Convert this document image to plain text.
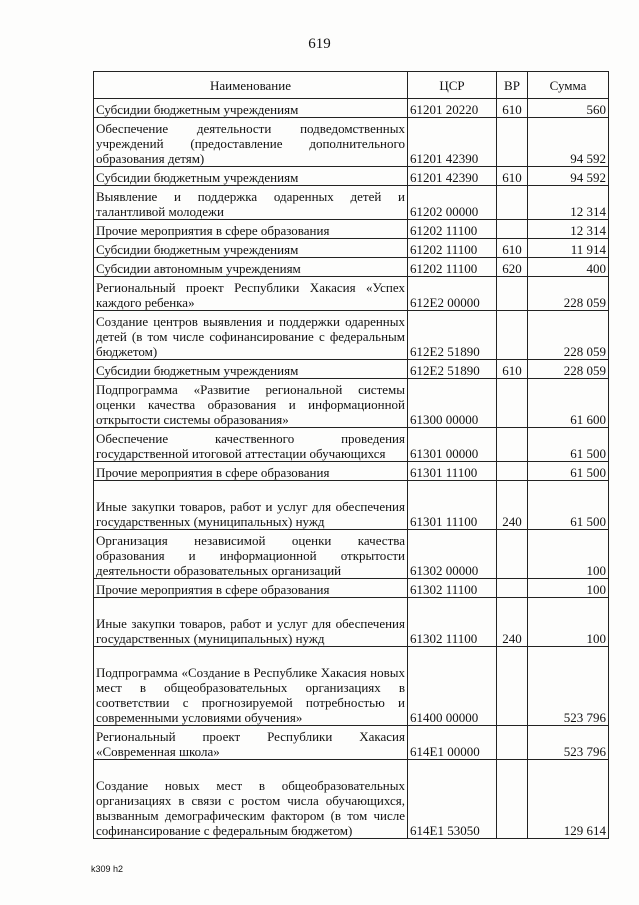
619
Наименование	ЦСР	ВР	Сумма
Субсидии бюджетным учреждениям	61201 20220	610	560
Обеспечение деятельности подведомственных учреждений (предоставление дополнительного образования детям)	61201 42390		94 592
Субсидии бюджетным учреждениям	61201 42390	610	94 592
Выявление и поддержка одаренных детей и талантливой молодежи	61202 00000		12 314
Прочие мероприятия в сфере образования	61202 11100		12 314
Субсидии бюджетным учреждениям	61202 11100	610	11 914
Субсидии автономным учреждениям	61202 11100	620	400
Региональный проект Республики Хакасия «Успех каждого ребенка»	612E2 00000		228 059
Создание центров выявления и поддержки одаренных детей (в том числе софинансирование с федеральным бюджетом)	612E2 51890		228 059
Субсидии бюджетным учреждениям	612E2 51890	610	228 059
Подпрограмма «Развитие региональной системы оценки качества образования и информационной открытости системы образования»	61300 00000		61 600
Обеспечение качественного проведения государственной итоговой аттестации обучающихся	61301 00000		61 500
Прочие мероприятия в сфере образования	61301 11100		61 500
Иные закупки товаров, работ и услуг для обеспечения государственных (муниципальных) нужд	61301 11100	240	61 500
Организация независимой оценки качества образования и информационной открытости деятельности образовательных организаций	61302 00000		100
Прочие мероприятия в сфере образования	61302 11100		100
Иные закупки товаров, работ и услуг для обеспечения государственных (муниципальных) нужд	61302 11100	240	100
Подпрограмма «Создание в Республике Хакасия новых мест в общеобразовательных организациях в соответствии с прогнозируемой потребностью и современными условиями обучения»	61400 00000		523 796
Региональный проект Республики Хакасия «Современная школа»	614E1 00000		523 796
Создание новых мест в общеобразовательных организациях в связи с ростом числа обучающихся, вызванным демографическим фактором (в том числе софинансирование с федеральным бюджетом)	614E1 53050		129 614
k309 h2
